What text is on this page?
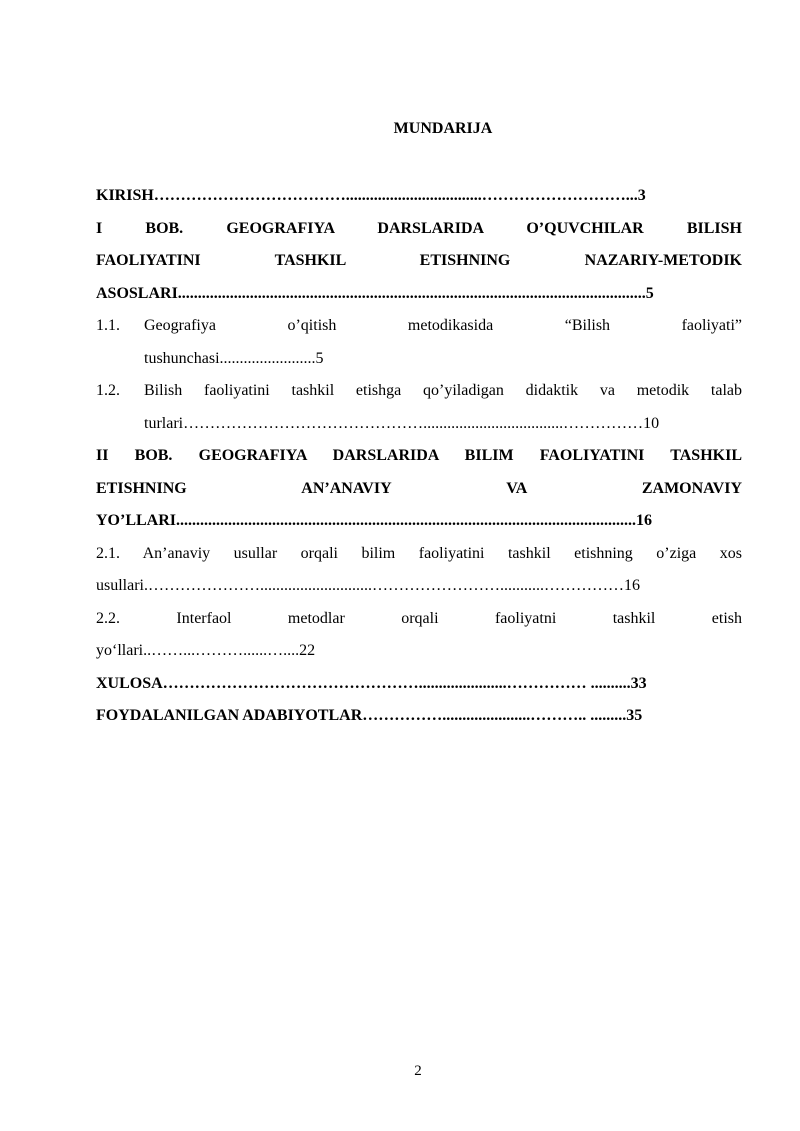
MUNDARIJA
KIRISH………………………………..................................………………………...3
I BOB. GEOGRAFIYA DARSLARIDA O’QUVCHILAR BILISH
FAOLIYATINI TASHKIL ETISHNING NAZARIY-METODIK
ASOSLARI.....................................................................................................................5
1.1.	Geografiya o’qitish metodikasida “Bilish faoliyati”
tushunchasi........................5
1.2.	Bilish faoliyatini tashkil etishga qo’yiladigan didaktik va metodik talab
turlari………………………………………...................................……………10
II BOB. GEOGRAFIYA DARSLARIDA BILIM FAOLIYATINI TASHKIL
ETISHNING AN’ANAVIY VA ZAMONAVIY
YO’LLARI...................................................................................................................16
2.1. An’anaviy usullar orqali bilim faoliyatini tashkil etishning o’ziga xos
usullari.…………………............................……………………...........……………16
2.2. Interfaol metodlar orqali faoliyatni tashkil etish
yo‘llari..……...………......…....22
XULOSA…………………………………………......................…………… ..........33
FOYDALANILGAN ADABIYOTLAR……………......................……….. .........35
2
